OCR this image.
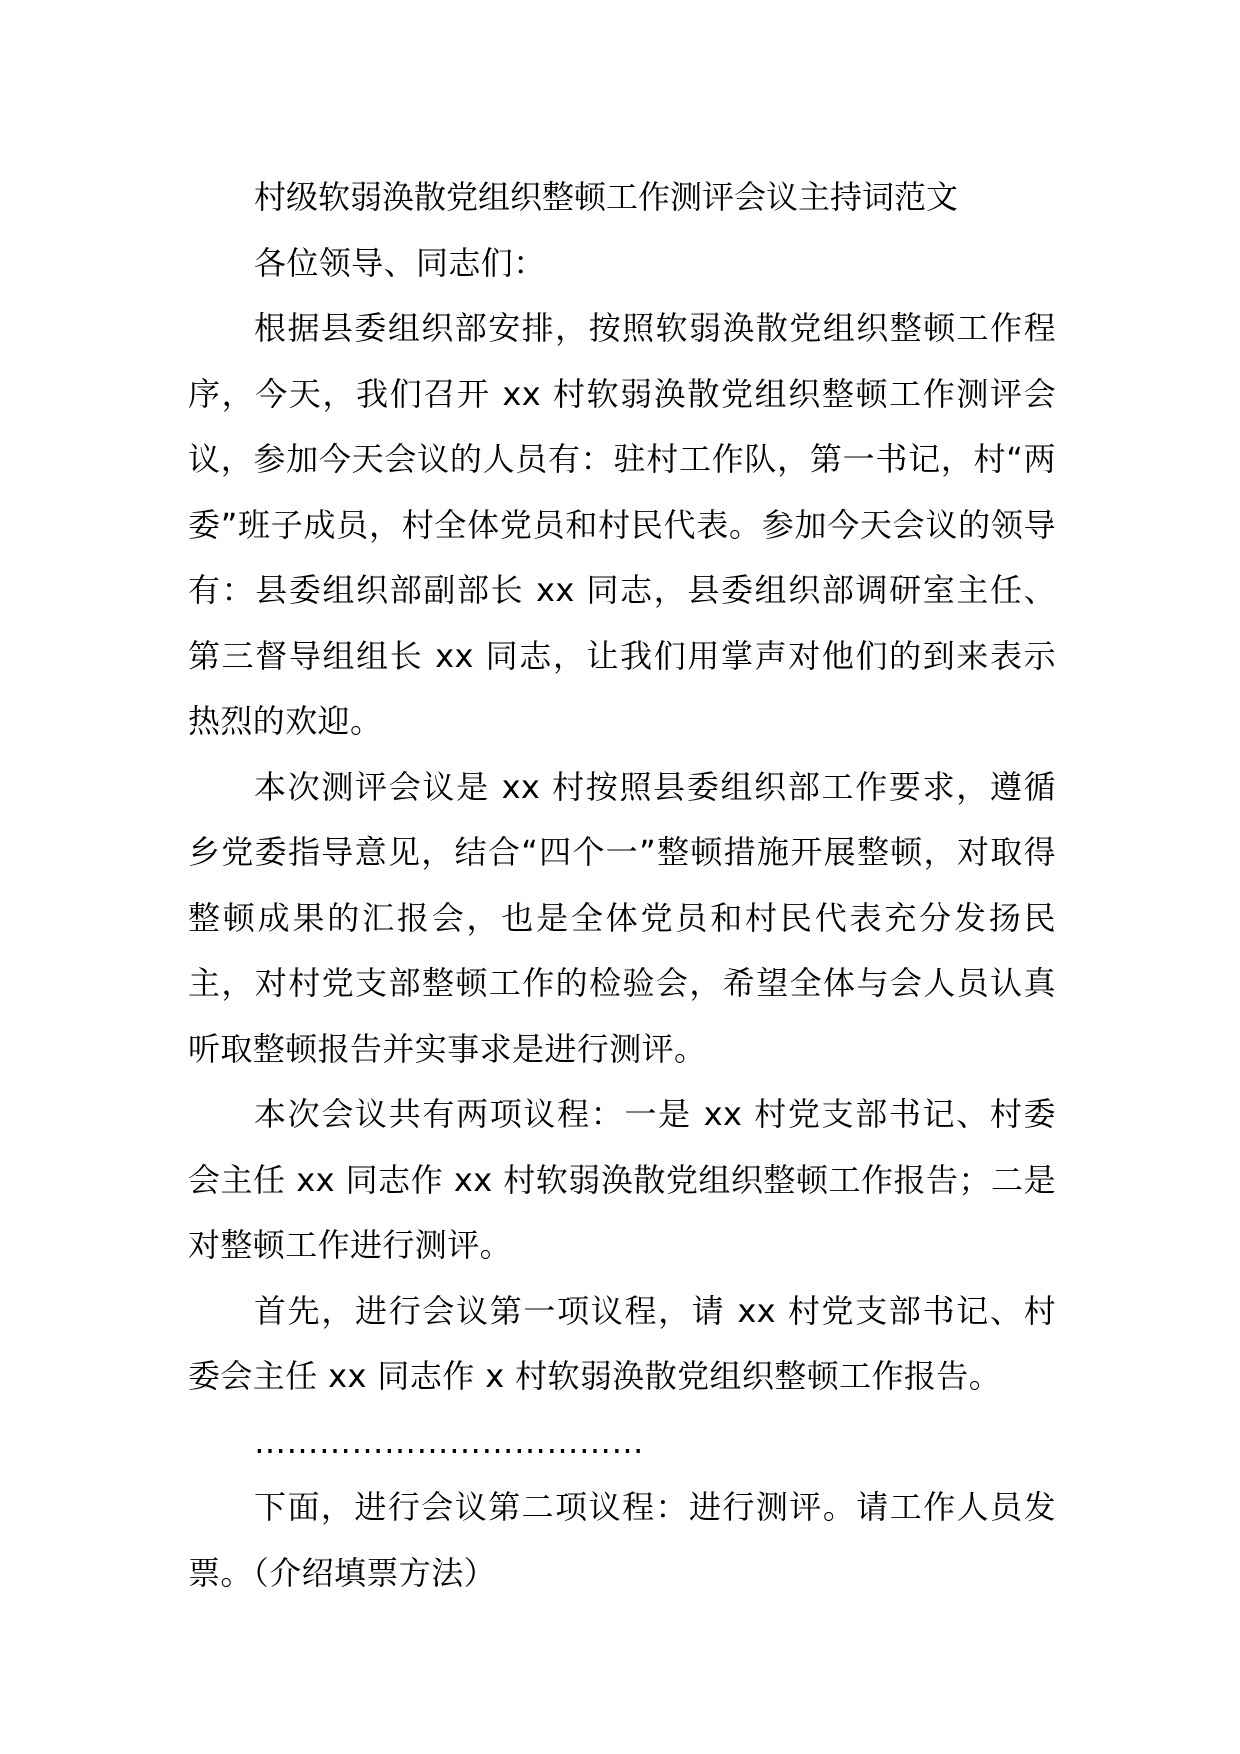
村级软弱涣散党组织整顿工作测评会议主持词范文

各位领导、同志们：

根据县委组织部安排，按照软弱涣散党组织整顿工作程序，今天，我们召开 xx 村软弱涣散党组织整顿工作测评会议，参加今天会议的人员有：驻村工作队，第一书记，村“两委”班子成员，村全体党员和村民代表。参加今天会议的领导有：县委组织部副部长 xx 同志，县委组织部调研室主任、第三督导组组长 xx 同志，让我们用掌声对他们的到来表示热烈的欢迎。

本次测评会议是 xx 村按照县委组织部工作要求，遵循乡党委指导意见，结合“四个一”整顿措施开展整顿，对取得整顿成果的汇报会，也是全体党员和村民代表充分发扬民主，对村党支部整顿工作的检验会，希望全体与会人员认真听取整顿报告并实事求是进行测评。

本次会议共有两项议程：一是 xx 村党支部书记、村委会主任 xx 同志作 xx 村软弱涣散党组织整顿工作报告；二是对整顿工作进行测评。

首先，进行会议第一项议程，请 xx 村党支部书记、村委会主任 xx 同志作 x 村软弱涣散党组织整顿工作报告。

………………………………

下面，进行会议第二项议程：进行测评。请工作人员发票。（介绍填票方法）
